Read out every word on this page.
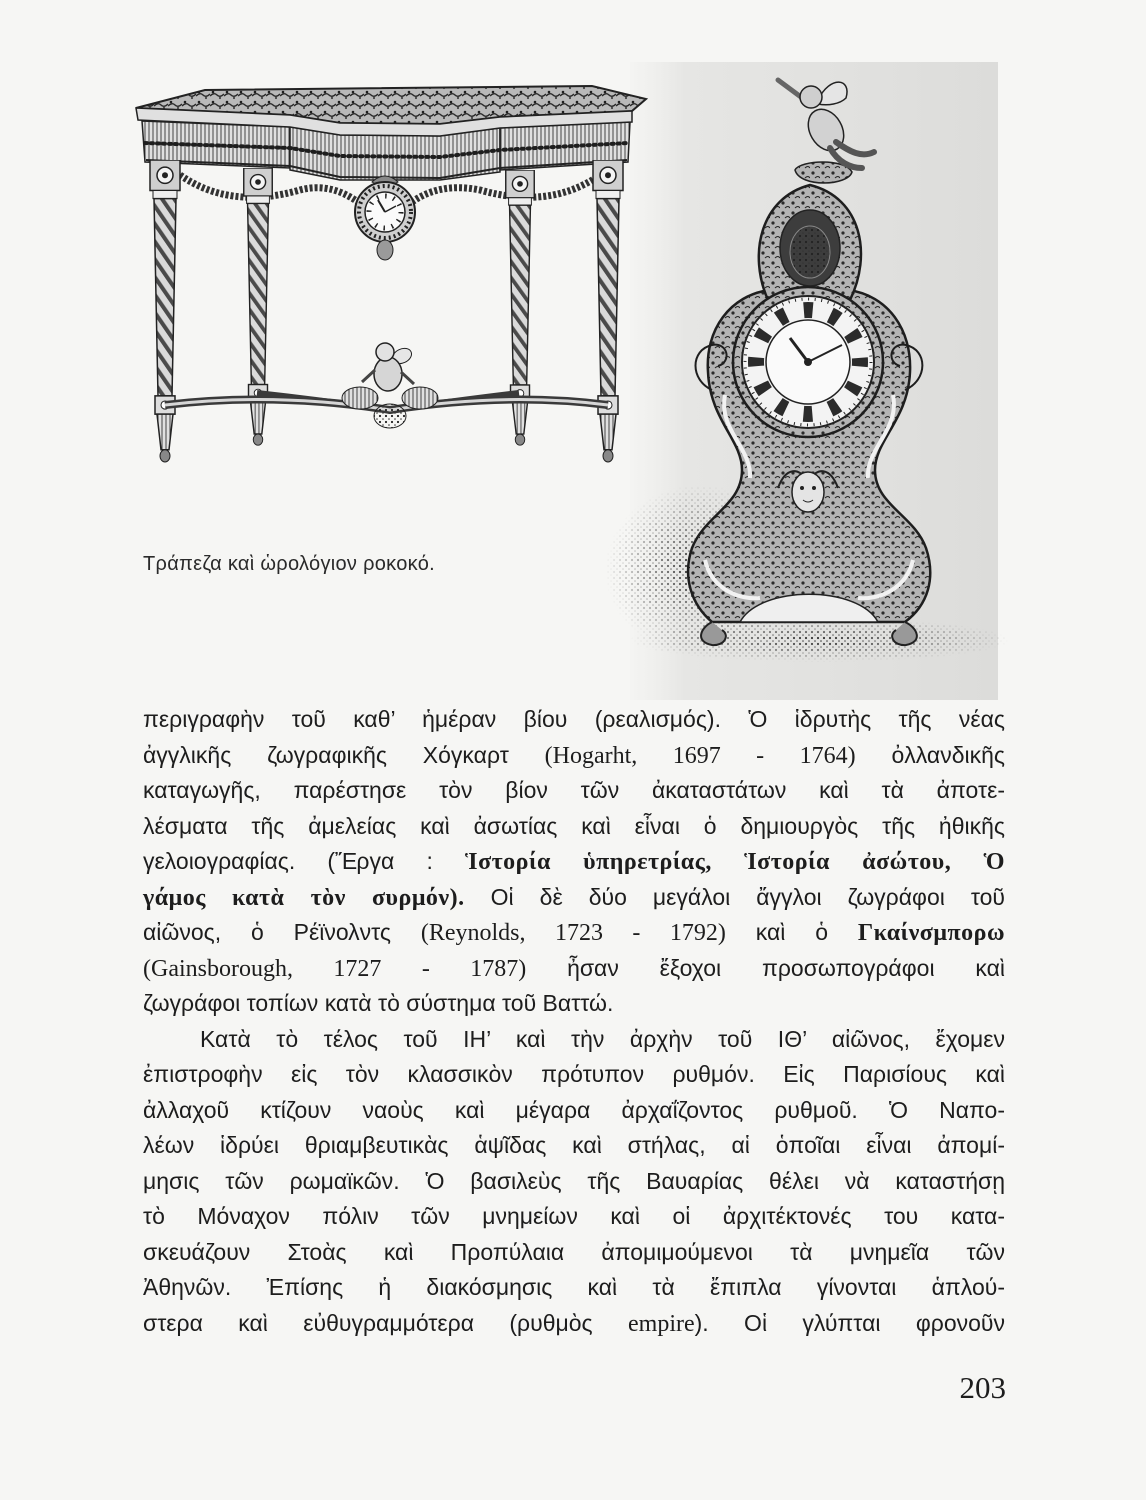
Τράπεζα καὶ ὡρολόγιον ροκοκό.
περιγραφὴν τοῦ καθ’ ἡμέραν βίου (ρεαλισμός). Ὁ ἱδρυτὴς τῆς νέας
ἀγγλικῆς ζωγραφικῆς Χόγκαρτ (Hogarht, 1697 - 1764) ὀλλανδικῆς
καταγωγῆς, παρέστησε τὸν βίον τῶν ἀκαταστάτων καὶ τὰ ἀποτε-
λέσματα τῆς ἀμελείας καὶ ἀσωτίας καὶ εἶναι ὁ δημιουργὸς τῆς ἠθικῆς
γελοιογραφίας. (Ἔργα : Ἱστορία ὑπηρετρίας, Ἱστορία ἀσώτου, Ὁ
γάμος κατὰ τὸν συρμόν). Οἱ δὲ δύο μεγάλοι ἄγγλοι ζωγράφοι τοῦ
αἰῶνος, ὁ Ρέϊνολντς (Reynolds, 1723 - 1792) καὶ ὁ Γκαίνσμπορω
(Gainsborough, 1727 - 1787) ἦσαν ἔξοχοι προσωπογράφοι καὶ
ζωγράφοι τοπίων κατὰ τὸ σύστημα τοῦ Βαττώ.
Κατὰ τὸ τέλος τοῦ ΙΗ’ καὶ τὴν ἀρχὴν τοῦ ΙΘ’ αἰῶνος, ἔχομεν
ἐπιστροφὴν εἰς τὸν κλασσικὸν πρότυπον ρυθμόν. Εἰς Παρισίους καὶ
ἀλλαχοῦ κτίζουν ναοὺς καὶ μέγαρα ἀρχαΐζοντος ρυθμοῦ. Ὁ Ναπο-
λέων ἱδρύει θριαμβευτικὰς ἁψῖδας καὶ στήλας, αἱ ὁποῖαι εἶναι ἀπομί-
μησις τῶν ρωμαϊκῶν. Ὁ βασιλεὺς τῆς Βαυαρίας θέλει νὰ καταστήσῃ
τὸ Μόναχον πόλιν τῶν μνημείων καὶ οἱ ἀρχιτέκτονές του κατα-
σκευάζουν Στοὰς καὶ Προπύλαια ἀπομιμούμενοι τὰ μνημεῖα τῶν
Ἀθηνῶν. Ἐπίσης ἡ διακόσμησις καὶ τὰ ἔπιπλα γίνονται ἁπλού-
στερα καὶ εὐθυγραμμότερα (ρυθμὸς empire). Οἱ γλύπται φρονοῦν
203
